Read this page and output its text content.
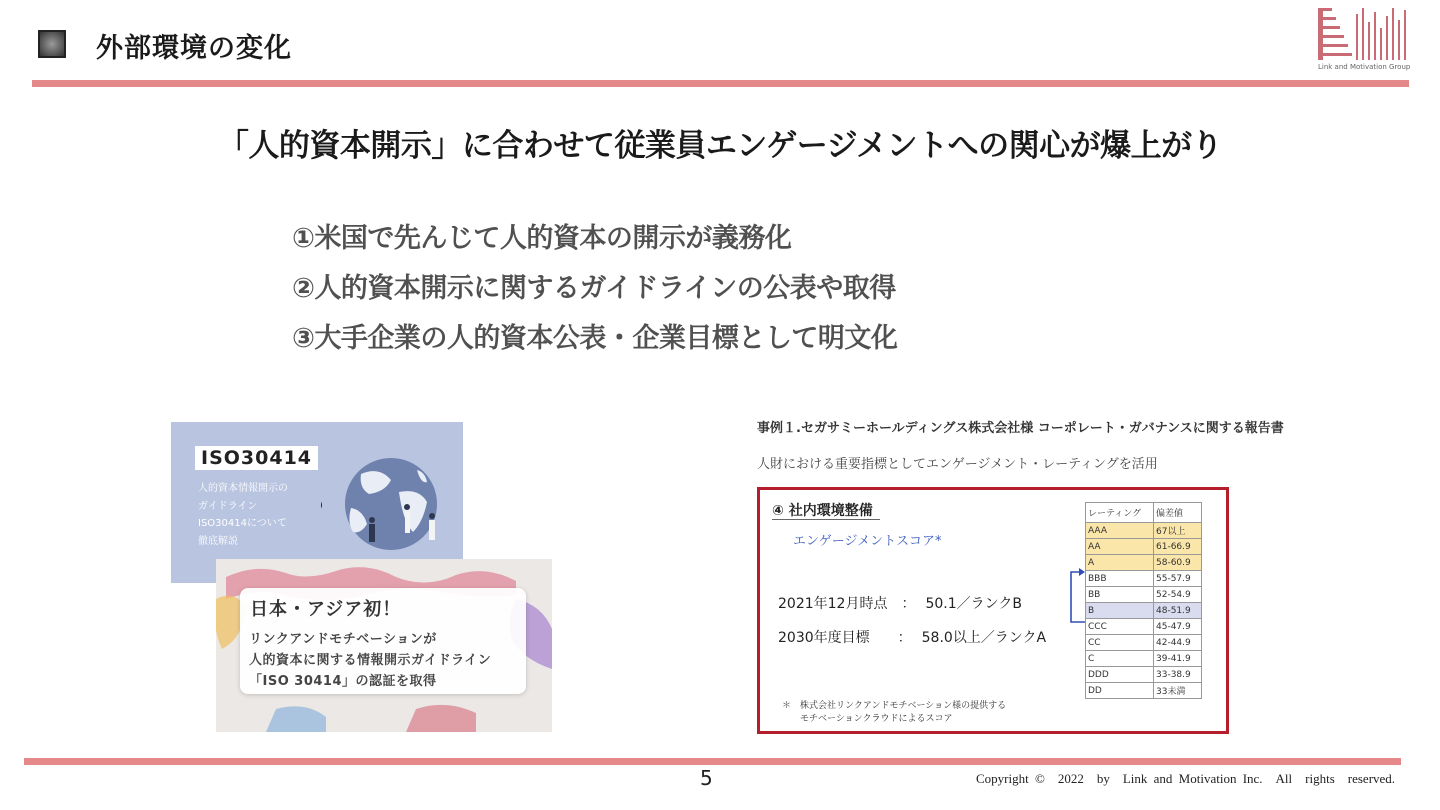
外部環境の変化
Link and Motivation Group
「人的資本開示」に合わせて従業員エンゲージメントへの関心が爆上がり
①米国で先んじて人的資本の開示が義務化
②人的資本開示に関するガイドラインの公表や取得
③大手企業の人的資本公表・企業目標として明文化
ISO30414
人的資本情報開示の
ガイドライン
ISO30414について
徹底解説
日本・アジア初！
リンクアンドモチベーションが
人的資本に関する情報開示ガイドライン
「ISO 30414」の認証を取得
事例１.セガサミーホールディングス株式会社様 コーポレート・ガバナンスに関する報告書
人財における重要指標としてエンゲージメント・レーティングを活用
④ 社内環境整備
エンゲージメントスコア*
2021年12月時点　： 50.1／ランクB
2030年度目標　　： 58.0以上／ランクA
＊　株式会社リンクアンドモチベーション様の提供する
　　モチベーションクラウドによるスコア
レーティング	偏差値
AAA	67以上
AA	61-66.9
A	58-60.9
BBB	55-57.9
BB	52-54.9
B	48-51.9
CCC	45-47.9
CC	42-44.9
C	39-41.9
DDD	33-38.9
DD	33未満
5	Copyright ©　2022　by　Link and Motivation Inc.　All　rights　reserved.
